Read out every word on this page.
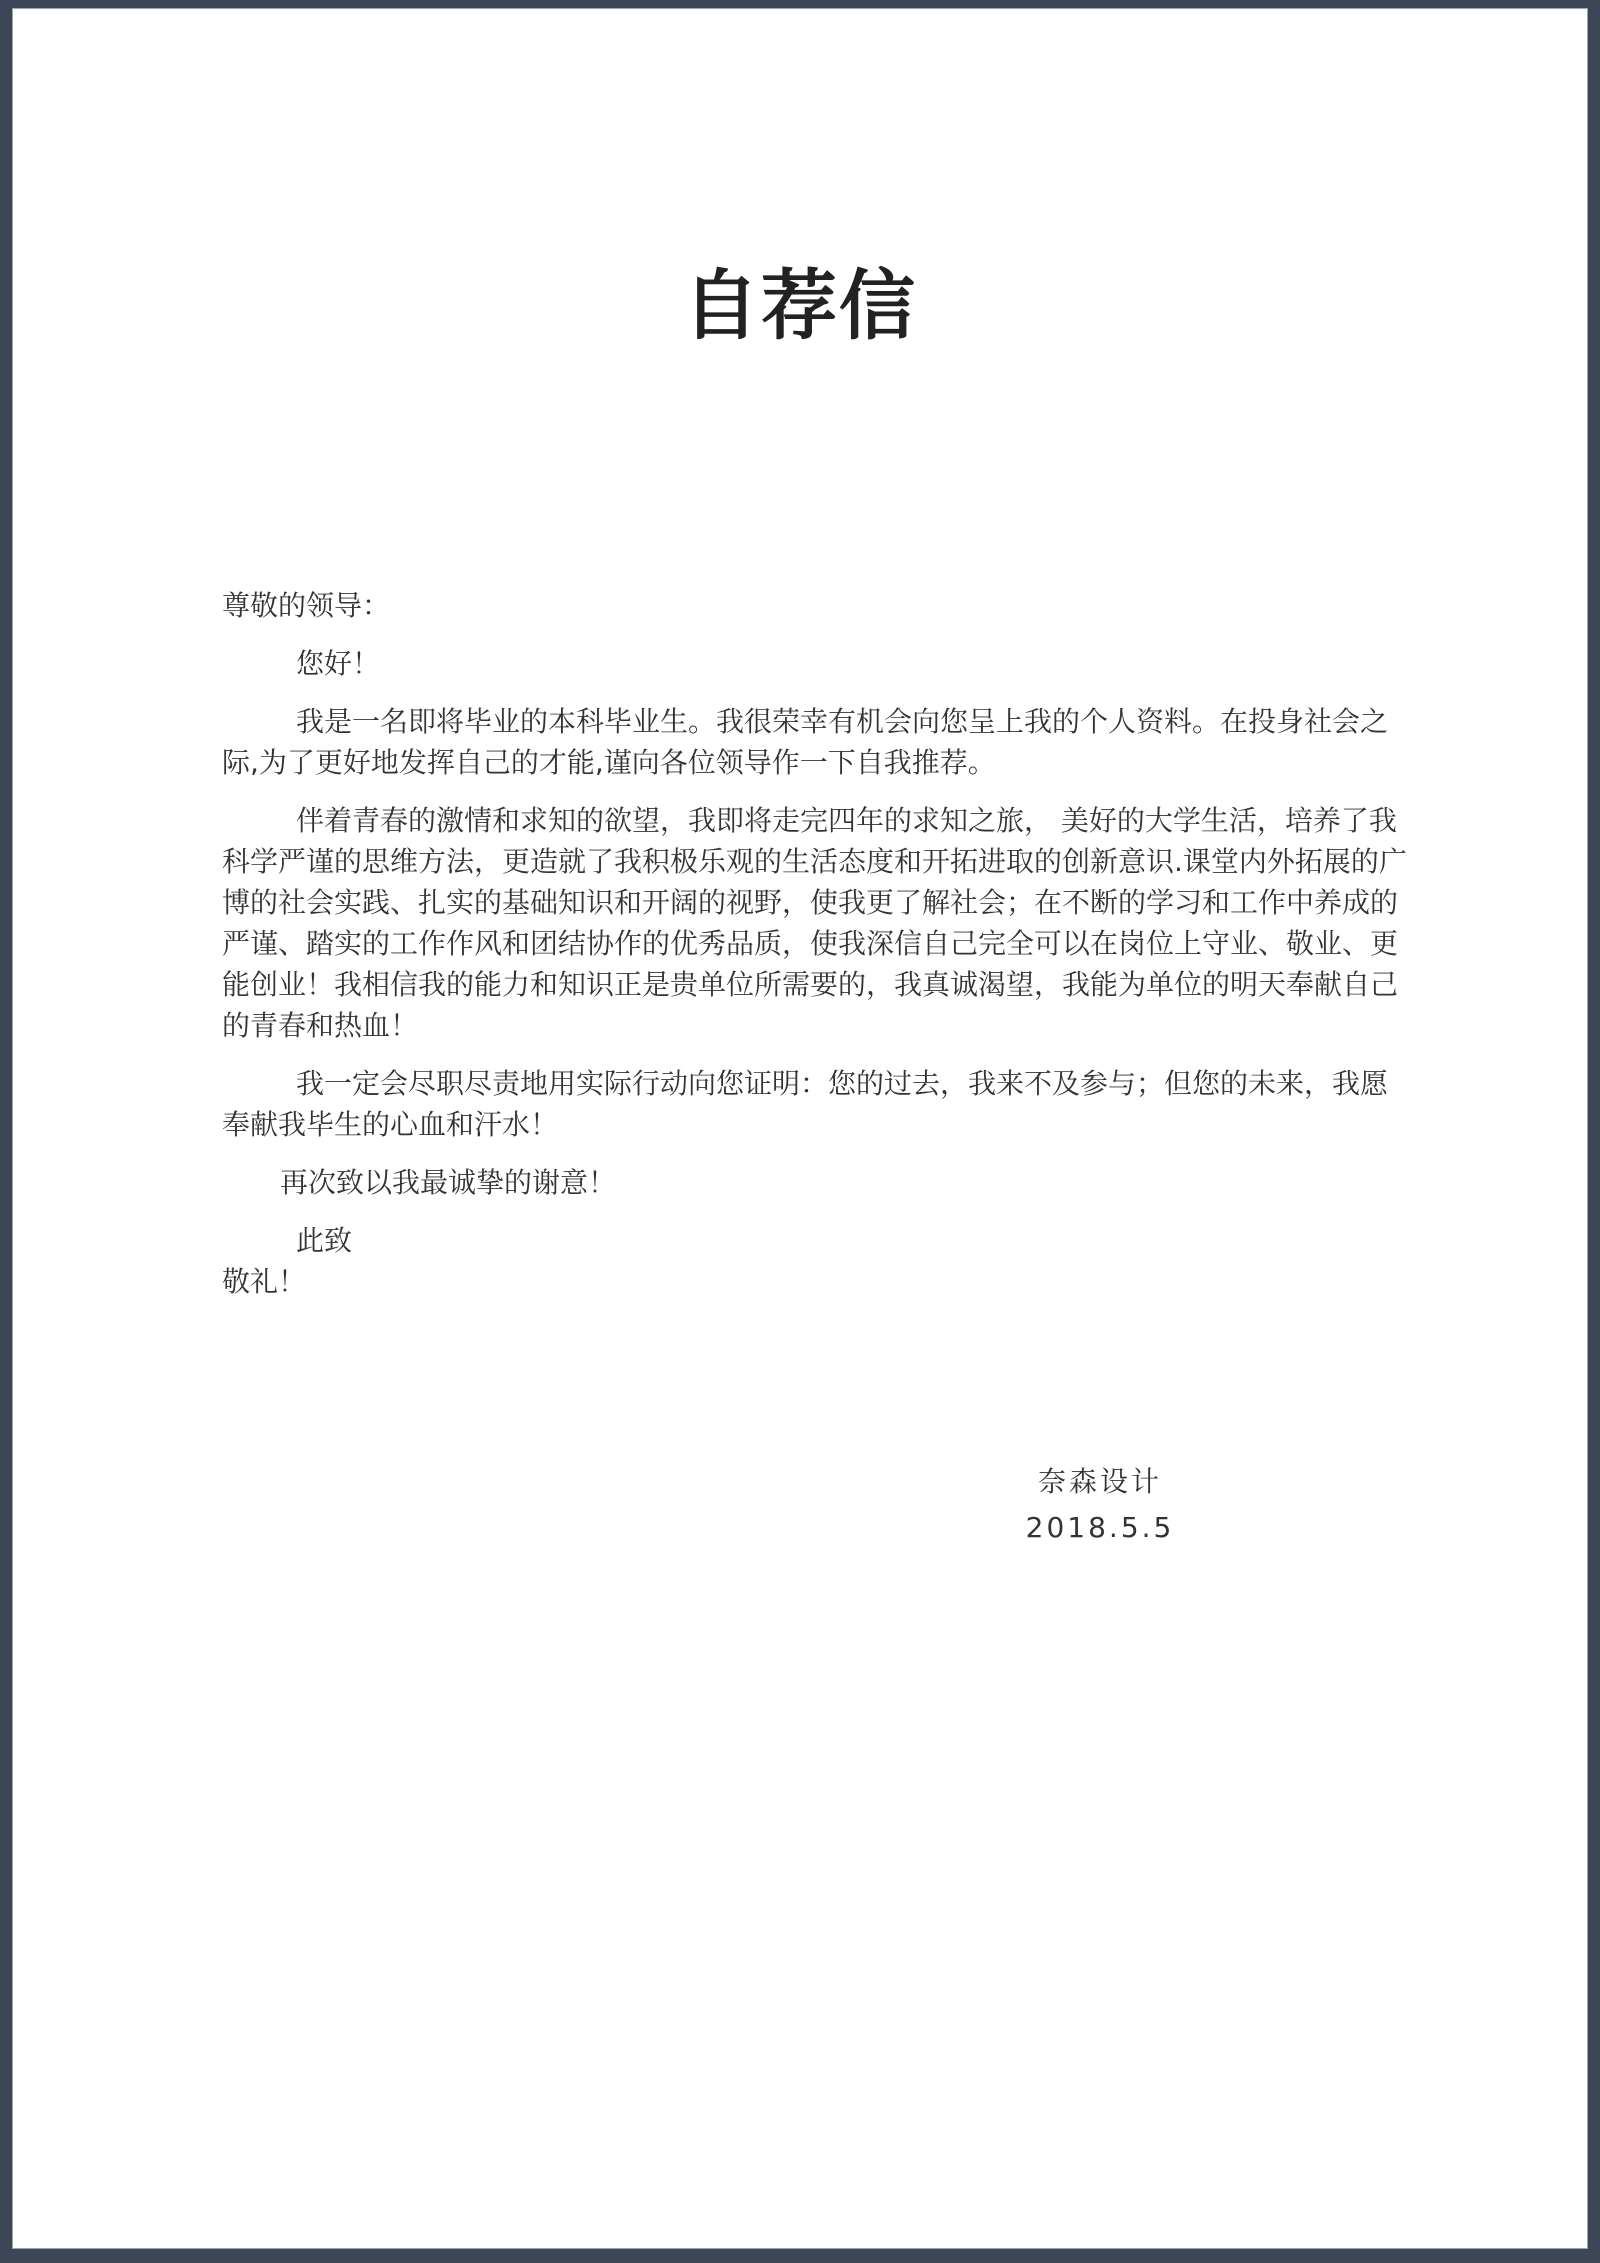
自荐信

尊敬的领导：

您好！

我是一名即将毕业的本科毕业生。我很荣幸有机会向您呈上我的个人资料。在投身社会之际,为了更好地发挥自己的才能,谨向各位领导作一下自我推荐。

伴着青春的激情和求知的欲望，我即将走完四年的求知之旅， 美好的大学生活，培养了我科学严谨的思维方法，更造就了我积极乐观的生活态度和开拓进取的创新意识.课堂内外拓展的广博的社会实践、扎实的基础知识和开阔的视野，使我更了解社会；在不断的学习和工作中养成的严谨、踏实的工作作风和团结协作的优秀品质，使我深信自己完全可以在岗位上守业、敬业、更能创业！我相信我的能力和知识正是贵单位所需要的，我真诚渴望，我能为单位的明天奉献自己的青春和热血！

我一定会尽职尽责地用实际行动向您证明：您的过去，我来不及参与；但您的未来，我愿奉献我毕生的心血和汗水！

再次致以我最诚挚的谢意！

此致

敬礼！

奈森设计
2018.5.5
